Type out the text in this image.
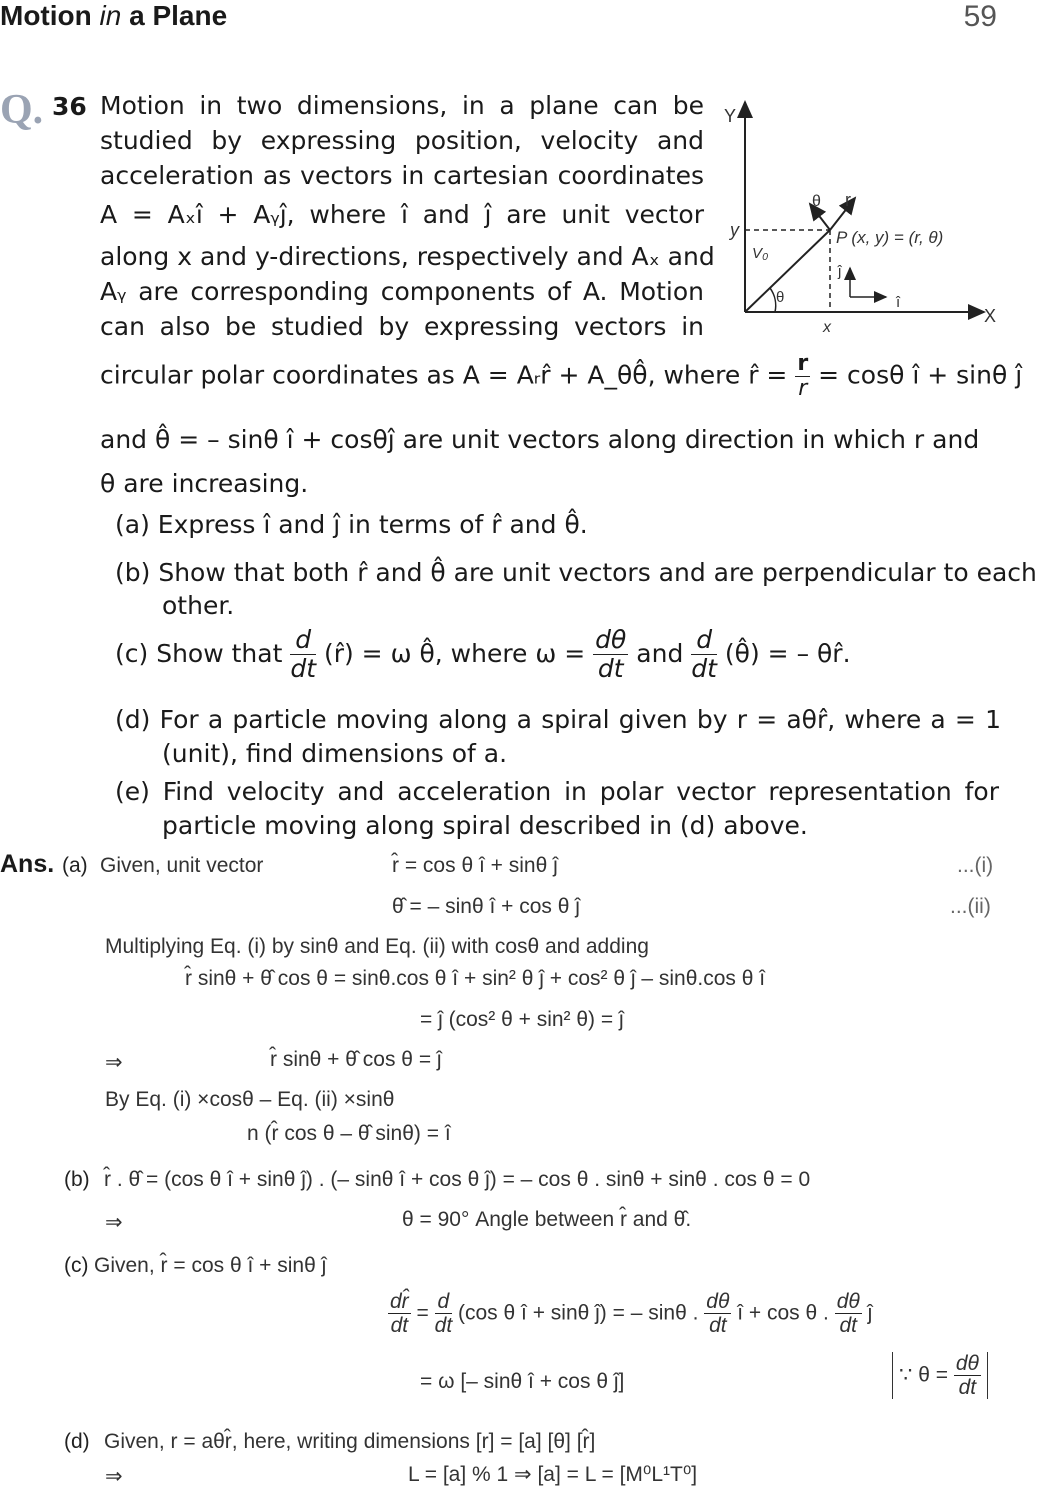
Motion in a Plane	59
Q. 36 Motion in two dimensions, in a plane can be
studied by expressing position, velocity and
acceleration as vectors in cartesian coordinates
A = Aₓî + Aᵧĵ, where î and ĵ are unit vector
along x and y-directions, respectively and Aₓ and
Aᵧ are corresponding components of A. Motion
can also be studied by expressing vectors in
circular polar coordinates as A = Aᵣr̂ + A_θθ̂, where r̂ = $\frac{r}{r} = \cos\theta$ î + sinθ ĵ
and θ̂ = – sinθ î + cosθĵ are unit vectors along direction in which r and
θ are increasing.
(a) Express î and ĵ in terms of r̂ and θ̂.
(b) Show that both r̂ and θ̂ are unit vectors and are perpendicular to each
other.
(c) Show that $\frac{d}{dt}$ (r̂) = ω θ̂, where $\omega = \frac{d\theta}{dt}$ and $\frac{d}{dt}$ (θ̂) = – θr̂.
(d) For a particle moving along a spiral given by r = aθr̂, where a = 1
(unit), find dimensions of a.
(e) Find velocity and acceleration in polar vector representation for
particle moving along spiral described in (d) above.
Y
X
y
x
V₀
θ r
P (x, y) = (r, θ)
ĵ
î
θ
Ans. (a) Given, unit vector	r̂ = cos θ î + sinθ ĵ	...(i)
θ̂ = – sinθ î + cos θ ĵ	...(ii)
Multiplying Eq. (i) by sinθ and Eq. (ii) with cosθ and adding
r̂ sinθ + θ̂ cos θ = sinθ.cos θ î + sin² θ ĵ + cos² θ ĵ – sinθ.cos θ î
= ĵ (cos² θ + sin² θ) = ĵ
⇒	r̂ sinθ + θ̂ cos θ = ĵ
By Eq. (i) ×cosθ – Eq. (ii) ×sinθ
n (r̂ cos θ – θ̂ sinθ) = î
(b) r̂ . θ̂ = (cos θ î + sinθ ĵ) . (– sinθ î + cos θ ĵ) = – cos θ . sinθ + sinθ . cos θ = 0
⇒	θ = 90° Angle between r̂ and θ̂.
(c) Given, r̂ = cos θ î + sinθ ĵ
$\frac{dr̂}{dt} = \frac{d}{dt} (\cos$ θ î + sinθ ĵ) = – sinθ . $\frac{d\theta}{dt}$ î + cos θ . $\frac{d\theta}{dt}$ ĵ
= ω [– sinθ î + cos θ ĵ]	∵ $\theta = \frac{d\theta}{dt}$
(d) Given, r = aθr̂, here, writing dimensions [r] = [a] [θ] [r̂]
⇒	L = [a] % 1 ⇒ [a] = L = [M⁰L¹T⁰]
